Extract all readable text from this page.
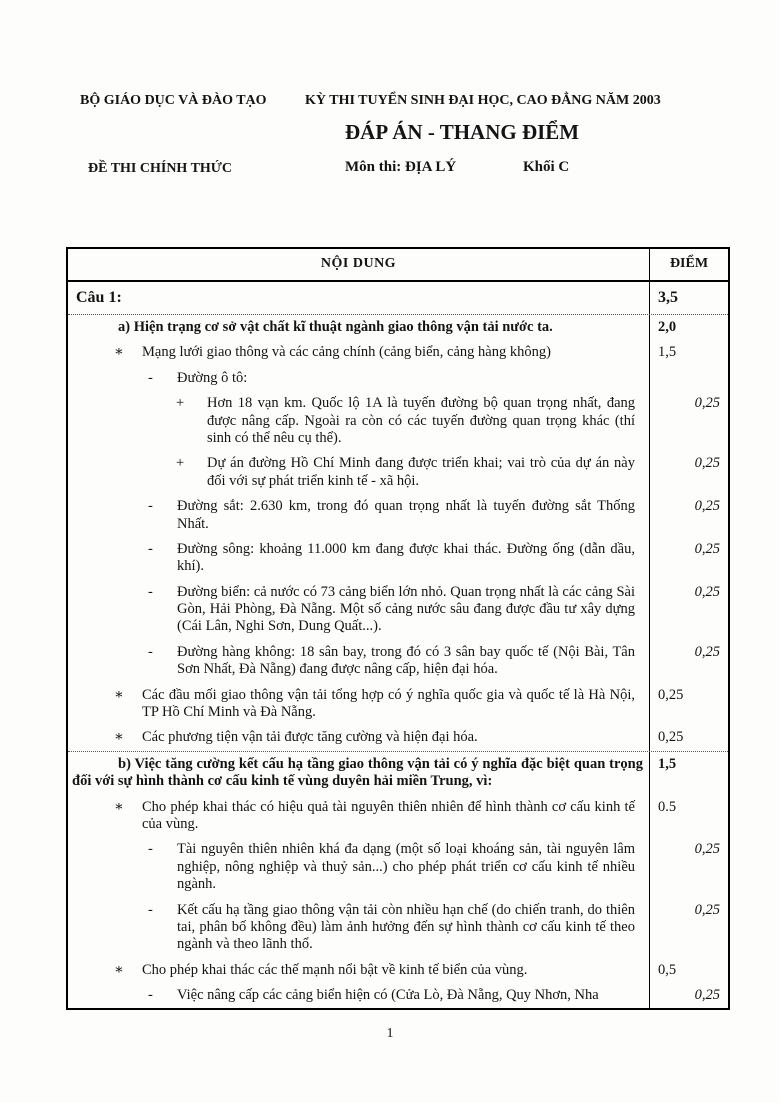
BỘ GIÁO DỤC VÀ ĐÀO TẠO	KỲ THI TUYỂN SINH ĐẠI HỌC, CAO ĐẲNG NĂM 2003
ĐÁP ÁN - THANG ĐIỂM
ĐỀ THI CHÍNH THỨC	Môn thi: ĐỊA LÝ	Khối C
NỘI DUNG	ĐIỂM
Câu 1:	3,5
a) Hiện trạng cơ sở vật chất kĩ thuật ngành giao thông vận tải nước ta.	2,0
∗	Mạng lưới giao thông và các cảng chính (cảng biển, cảng hàng không)	1,5
-	Đường ô tô:
+	Hơn 18 vạn km. Quốc lộ 1A là tuyến đường bộ quan trọng nhất, đang được nâng cấp. Ngoài ra còn có các tuyến đường quan trọng khác (thí sinh có thể nêu cụ thể).
0,25
+	Dự án đường Hồ Chí Minh đang được triển khai; vai trò của dự án này đối với sự phát triển kinh tế - xã hội.
0,25
-	Đường sắt: 2.630 km, trong đó quan trọng nhất là tuyến đường sắt Thống Nhất.
0,25
-	Đường sông: khoảng 11.000 km đang được khai thác. Đường ống (dẫn dầu, khí).
0,25
-	Đường biển: cả nước có 73 cảng biển lớn nhỏ. Quan trọng nhất là các cảng Sài Gòn, Hải Phòng, Đà Nẵng. Một số cảng nước sâu đang được đầu tư xây dựng (Cái Lân, Nghi Sơn, Dung Quất...).
0,25
-	Đường hàng không: 18 sân bay, trong đó có 3 sân bay quốc tế (Nội Bài, Tân Sơn Nhất, Đà Nẵng) đang được nâng cấp, hiện đại hóa.
0,25
∗	Các đầu mối giao thông vận tải tổng hợp có ý nghĩa quốc gia và quốc tế là Hà Nội, TP Hồ Chí Minh và Đà Nẵng.
0,25
∗	Các phương tiện vận tải được tăng cường và hiện đại hóa.	0,25
b) Việc tăng cường kết cấu hạ tầng giao thông vận tải có ý nghĩa đặc biệt quan trọng đối với sự hình thành cơ cấu kinh tế vùng duyên hải miền Trung, vì:
1,5
∗	Cho phép khai thác có hiệu quả tài nguyên thiên nhiên để hình thành cơ cấu kinh tế của vùng.
0.5
-	Tài nguyên thiên nhiên khá đa dạng (một số loại khoáng sản, tài nguyên lâm nghiệp, nông nghiệp và thuỷ sản...) cho phép phát triển cơ cấu kinh tế nhiều ngành.
0,25
-	Kết cấu hạ tầng giao thông vận tải còn nhiều hạn chế (do chiến tranh, do thiên tai, phân bố không đều) làm ảnh hưởng đến sự hình thành cơ cấu kinh tế theo ngành và theo lãnh thổ.
0,25
∗	Cho phép khai thác các thế mạnh nổi bật về kinh tế biển của vùng.	0,5
-	Việc nâng cấp các cảng biển hiện có (Cửa Lò, Đà Nẵng, Quy Nhơn, Nha	0,25
1
